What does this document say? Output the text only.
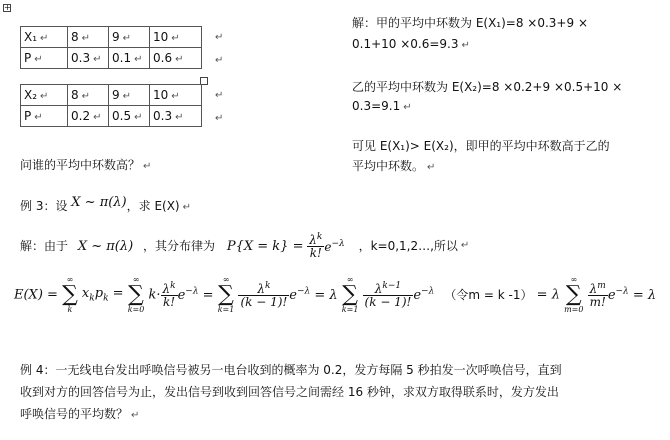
+
X₁ ↵	8 ↵	9 ↵	10 ↵
P ↵	0.3 ↵	0.1 ↵	0.6 ↵
↵
↵
X₂ ↵	8 ↵	9 ↵	10 ↵
P ↵	0.2 ↵	0.5 ↵	0.3 ↵
↵
↵
解：甲的平均中环数为 E(X₁)=8 ×0.3+9 ×
0.1+10 ×0.6=9.3 ↵
乙的平均中环数为 E(X₂)=8 ×0.2+9 ×0.5+10 ×
0.3=9.1 ↵
可见 E(X₁)> E(X₂)，即甲的平均中环数高于乙的
平均中环数。 ↵
问谁的平均中环数高？ ↵
例 3：设 X ~ π(λ)，求 E(X) ↵
解：由于 X ~ π(λ) ，其分布律为 $P\{X = k\} = \frac{\lambda^k}{k!} e^{-\lambda}$ ，k=0,1,2…,所以 ↵
E(X) =
∞
∑
k
$x_kp_k$ =
∞
∑
k=0
$k\cdot \frac{\lambda^k}{k!} e^{-\lambda}$ =
∞
∑
k=1

$\frac{\lambda^k}{(k - 1)!} e^{-\lambda} = \lambda$
∞
∑
k=1

$\frac{\lambda^{k-1}}{(k - 1)!} e^{-\lambda}$ （令m = k -1） = λ
∞
∑
m=0

$\frac{\lambda^m}{m!} e^{-\lambda} = \lambda$
例 4：一无线电台发出呼唤信号被另一电台收到的概率为 0.2，发方每隔 5 秒拍发一次呼唤信号，直到
收到对方的回答信号为止，发出信号到收到回答信号之间需经 16 秒钟，求双方取得联系时，发方发出
呼唤信号的平均数？ ↵
